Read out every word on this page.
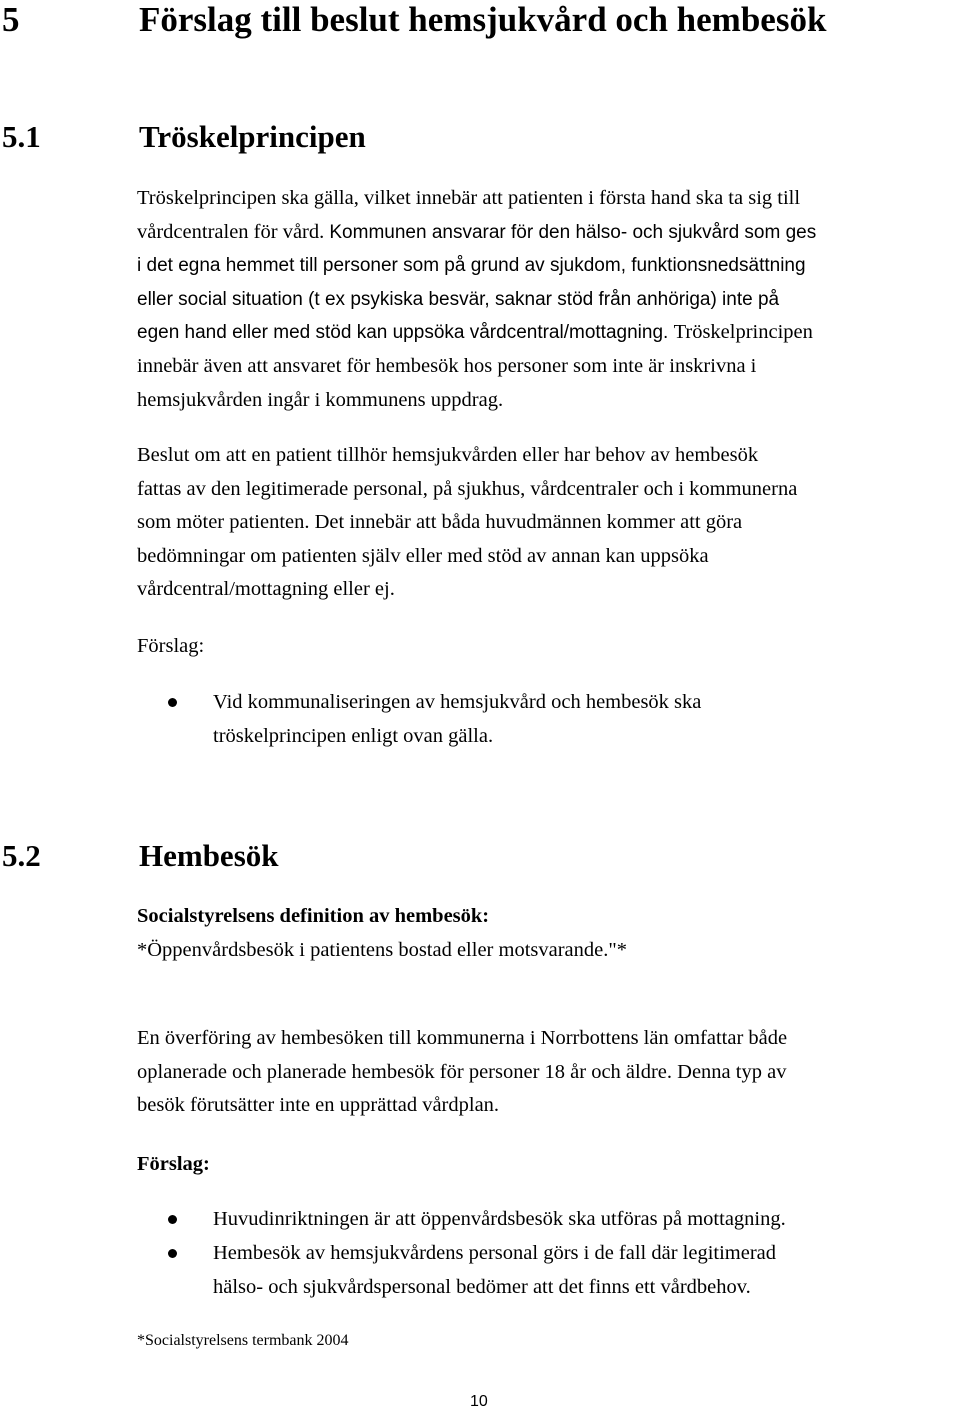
5	Förslag till beslut hemsjukvård och hembesök
5.1	Tröskelprincipen
Tröskelprincipen ska gälla, vilket innebär att patienten i första hand ska ta sig till
vårdcentralen för vård. Kommunen ansvarar för den hälso- och sjukvård som ges
i det egna hemmet till personer som på grund av sjukdom, funktionsnedsättning
eller social situation (t ex psykiska besvär, saknar stöd från anhöriga) inte på
egen hand eller med stöd kan uppsöka vårdcentral/mottagning. Tröskelprincipen
innebär även att ansvaret för hembesök hos personer som inte är inskrivna i
hemsjukvården ingår i kommunens uppdrag.
Beslut om att en patient tillhör hemsjukvården eller har behov av hembesök
fattas av den legitimerade personal, på sjukhus, vårdcentraler och i kommunerna
som möter patienten. Det innebär att båda huvudmännen kommer att göra
bedömningar om patienten själv eller med stöd av annan kan uppsöka
vårdcentral/mottagning eller ej.
Förslag:
Vid kommunaliseringen av hemsjukvård och hembesök ska
tröskelprincipen enligt ovan gälla.
5.2	Hembesök
Socialstyrelsens definition av hembesök:
*Öppenvårdsbesök i patientens bostad eller motsvarande."*
En överföring av hembesöken till kommunerna i Norrbottens län omfattar både
oplanerade och planerade hembesök för personer 18 år och äldre. Denna typ av
besök förutsätter inte en upprättad vårdplan.
Förslag:
Huvudinriktningen är att öppenvårdsbesök ska utföras på mottagning.
Hembesök av hemsjukvårdens personal görs i de fall där legitimerad
hälso- och sjukvårdspersonal bedömer att det finns ett vårdbehov.
*Socialstyrelsens termbank 2004
10
